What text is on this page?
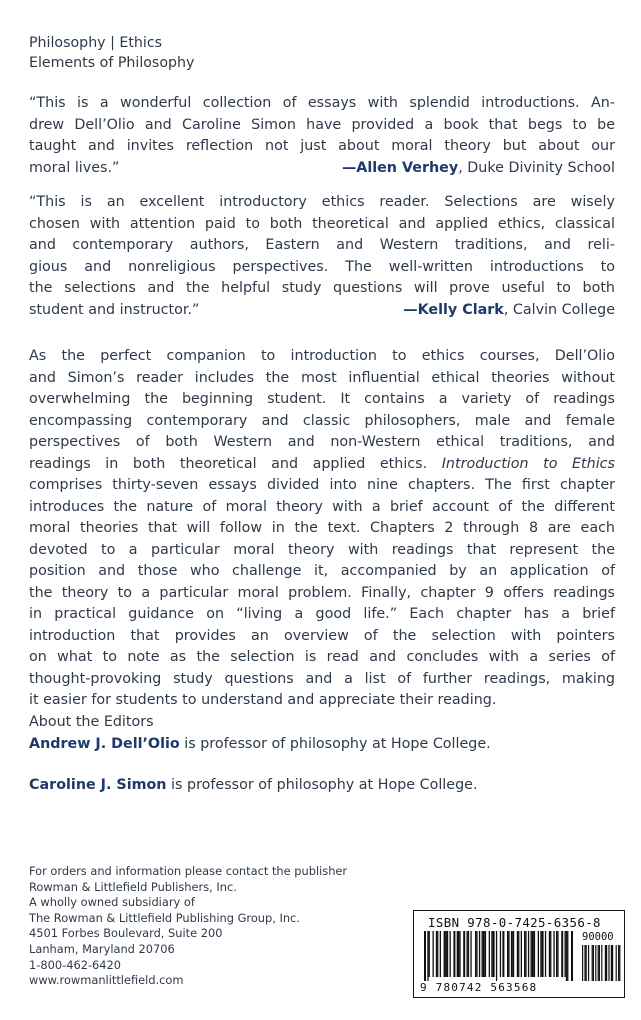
Philosophy | Ethics
Elements of Philosophy
“This is a wonderful collection of essays with splendid introductions. An-
drew Dell’Olio and Caroline Simon have provided a book that begs to be
taught and invites reflection not just about moral theory but about our
moral lives.”	—Allen Verhey, Duke Divinity School
“This is an excellent introductory ethics reader. Selections are wisely
chosen with attention paid to both theoretical and applied ethics, classical
and contemporary authors, Eastern and Western traditions, and reli-
gious and nonreligious perspectives. The well-written introductions to
the selections and the helpful study questions will prove useful to both
student and instructor.”	—Kelly Clark, Calvin College
As the perfect companion to introduction to ethics courses, Dell’Olio
and Simon’s reader includes the most influential ethical theories without
overwhelming the beginning student. It contains a variety of readings
encompassing contemporary and classic philosophers, male and female
perspectives of both Western and non-Western ethical traditions, and
readings in both theoretical and applied ethics. Introduction to Ethics
comprises thirty-seven essays divided into nine chapters. The first chapter
introduces the nature of moral theory with a brief account of the different
moral theories that will follow in the text. Chapters 2 through 8 are each
devoted to a particular moral theory with readings that represent the
position and those who challenge it, accompanied by an application of
the theory to a particular moral problem. Finally, chapter 9 offers readings
in practical guidance on “living a good life.” Each chapter has a brief
introduction that provides an overview of the selection with pointers
on what to note as the selection is read and concludes with a series of
thought-provoking study questions and a list of further readings, making
it easier for students to understand and appreciate their reading.
About the Editors
Andrew J. Dell’Olio is professor of philosophy at Hope College.
Caroline J. Simon is professor of philosophy at Hope College.
For orders and information please contact the publisher
Rowman & Littlefield Publishers, Inc.
A wholly owned subsidiary of
The Rowman & Littlefield Publishing Group, Inc.
4501 Forbes Boulevard, Suite 200
Lanham, Maryland 20706
1-800-462-6420
www.rowmanlittlefield.com
ISBN 978-0-7425-6356-8
90000
9 780742 563568
